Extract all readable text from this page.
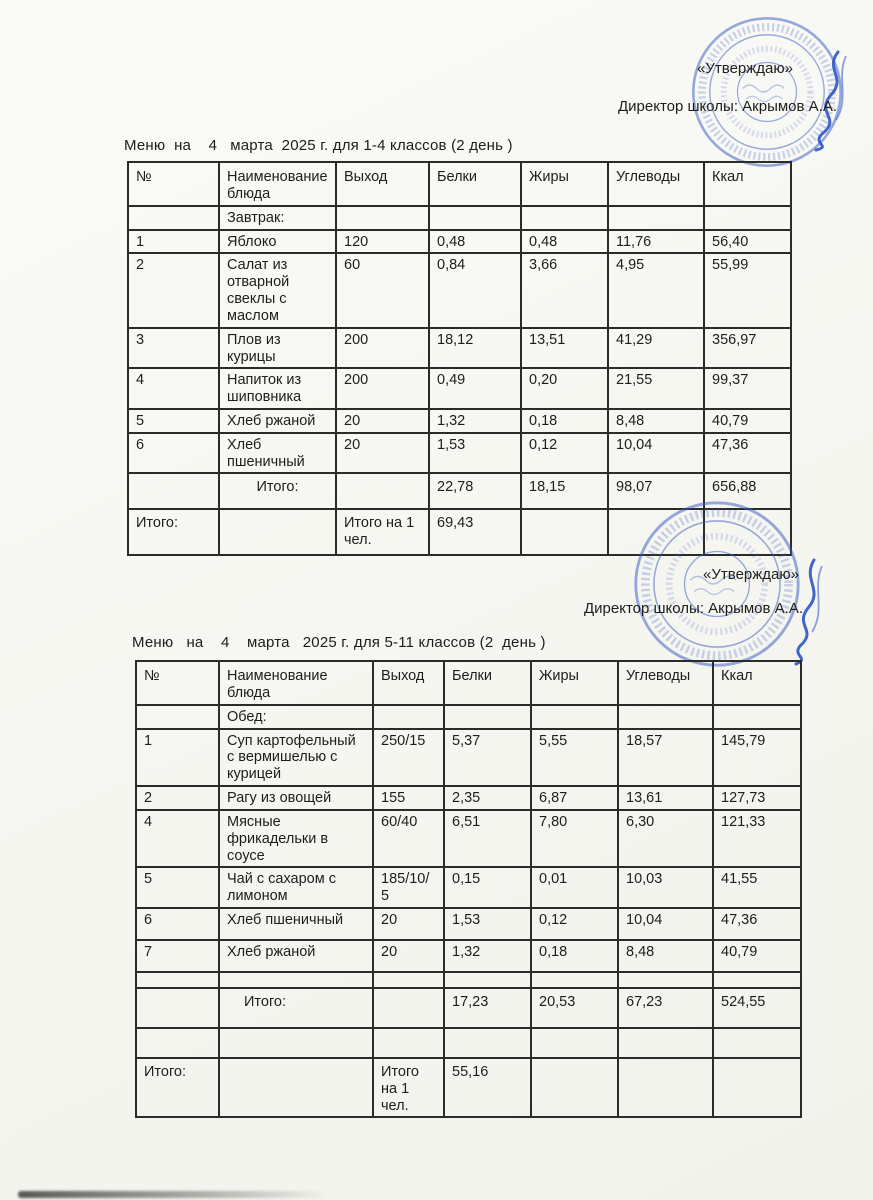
«Утверждаю»
Директор школы: Акрымов А.А.
Меню  на    4   марта  2025 г. для 1-4 классов (2 день )
№	Наименование блюда	Выход	Белки	Жиры	Углеводы	Ккал
	Завтрак:					
1	Яблоко	120	0,48	0,48	11,76	56,40
2	Салат из отварной свеклы с маслом	60	0,84	3,66	4,95	55,99
3	Плов из курицы	200	18,12	13,51	41,29	356,97
4	Напиток из шиповника	200	0,49	0,20	21,55	99,37
5	Хлеб ржаной	20	1,32	0,18	8,48	40,79
6	Хлеб пшеничный	20	1,53	0,12	10,04	47,36
	Итого:		22,78	18,15	98,07	656,88
Итого:		Итого на 1 чел.	69,43			
«Утверждаю»
Директор школы: Акрымов А.А.
Меню   на    4    марта   2025 г. для 5-11 классов (2  день )
№	Наименование блюда	Выход	Белки	Жиры	Углеводы	Ккал
	Обед:					
1	Суп картофельный с вермишелью с курицей	250/15	5,37	5,55	18,57	145,79
2	Рагу из овощей	155	2,35	6,87	13,61	127,73
4	Мясные фрикадельки в соусе	60/40	6,51	7,80	6,30	121,33
5	Чай с сахаром с лимоном	185/10/5	0,15	0,01	10,03	41,55
6	Хлеб пшеничный	20	1,53	0,12	10,04	47,36
7	Хлеб ржаной	20	1,32	0,18	8,48	40,79

	Итого:		17,23	20,53	67,23	524,55

Итого:		Итого на 1 чел.	55,16			
